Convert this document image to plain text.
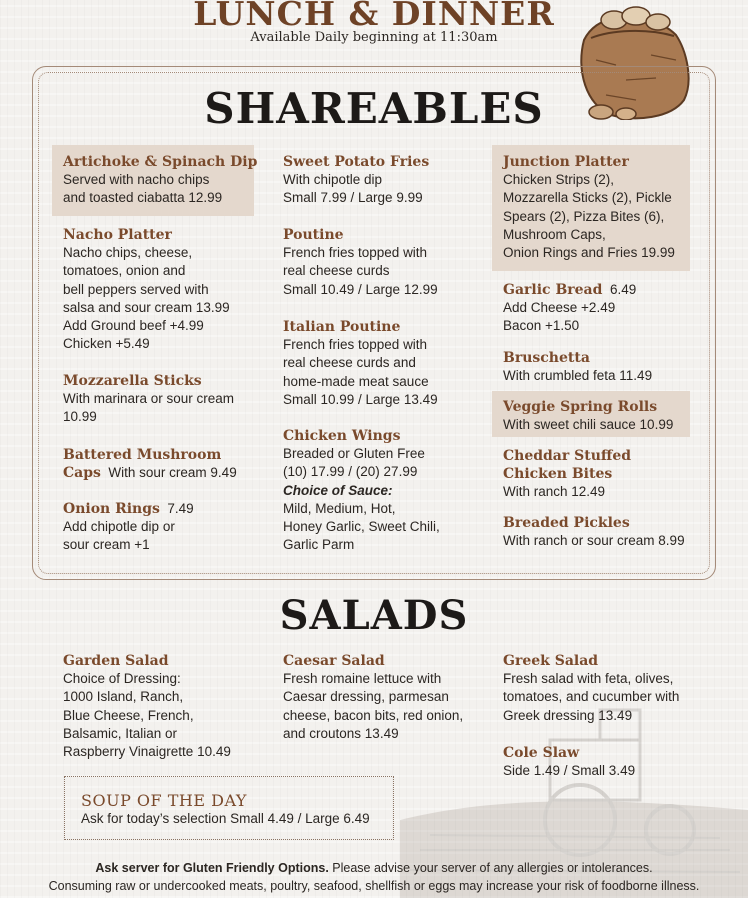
LUNCH & DINNER
Available Daily beginning at 11:30am
SHAREABLES
Artichoke & Spinach Dip
Served with nacho chips
and toasted ciabatta 12.99
Nacho Platter
Nacho chips, cheese,
tomatoes, onion and
bell peppers served with
salsa and sour cream 13.99
Add Ground beef +4.99
Chicken +5.49
Mozzarella Sticks
With marinara or sour cream
10.99
Battered Mushroom
Caps With sour cream 9.49
Onion Rings 7.49
Add chipotle dip or
sour cream +1
Sweet Potato Fries
With chipotle dip
Small 7.99 / Large 9.99
Poutine
French fries topped with
real cheese curds
Small 10.49 / Large 12.99
Italian Poutine
French fries topped with
real cheese curds and
home-made meat sauce
Small 10.99 / Large 13.49
Chicken Wings
Breaded or Gluten Free
(10) 17.99 / (20) 27.99
Choice of Sauce:
Mild, Medium, Hot,
Honey Garlic, Sweet Chili,
Garlic Parm
Junction Platter
Chicken Strips (2),
Mozzarella Sticks (2), Pickle
Spears (2), Pizza Bites (6),
Mushroom Caps,
Onion Rings and Fries 19.99
Garlic Bread 6.49
Add Cheese +2.49
Bacon +1.50
Bruschetta
With crumbled feta 11.49
Veggie Spring Rolls
With sweet chili sauce 10.99
Cheddar Stuffed
Chicken Bites
With ranch 12.49
Breaded Pickles
With ranch or sour cream 8.99
SALADS
Garden Salad
Choice of Dressing:
1000 Island, Ranch,
Blue Cheese, French,
Balsamic, Italian or
Raspberry Vinaigrette 10.49
Caesar Salad
Fresh romaine lettuce with
Caesar dressing, parmesan
cheese, bacon bits, red onion,
and croutons 13.49
Greek Salad
Fresh salad with feta, olives,
tomatoes, and cucumber with
Greek dressing 13.49
Cole Slaw
Side 1.49 / Small 3.49
SOUP OF THE DAY
Ask for today’s selection Small 4.49 / Large 6.49
Ask server for Gluten Friendly Options. Please advise your server of any allergies or intolerances.
Consuming raw or undercooked meats, poultry, seafood, shellfish or eggs may increase your risk of foodborne illness.
